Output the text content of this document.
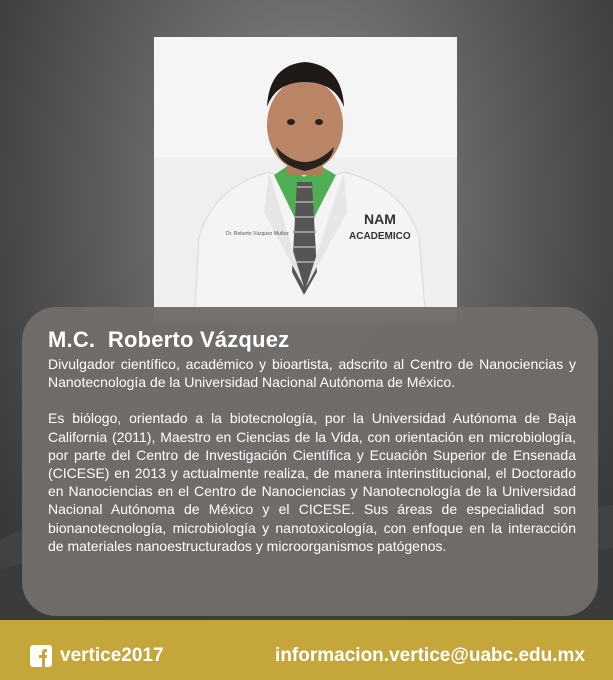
NAM
ACADEMICO
Dr. Roberto Vázquez Muñoz
M.C.  Roberto Vázquez

Divulgador científico, académico y bioartista, adscrito al Centro de Nanociencias y Nanotecnología de la Universidad Nacional Autónoma de México.

Es biólogo, orientado a la biotecnología, por la Universidad Autónoma de Baja California (2011), Maestro en Ciencias de la Vida, con orientación en microbiología, por parte del Centro de Investigación Científica y Ecuación Superior de Ensenada (CICESE) en 2013 y actualmente realiza, de manera interinstitucional, el Doctorado en Nanociencias en el Centro de Nanociencias y Nanotecnología de la Universidad Nacional Autónoma de México y el CICESE. Sus áreas de especialidad son bionanotecnología, microbiología y nanotoxicología, con enfoque en la interacción de materiales nanoestructurados y microorganismos patógenos.

vertice2017	informacion.vertice@uabc.edu.mx
